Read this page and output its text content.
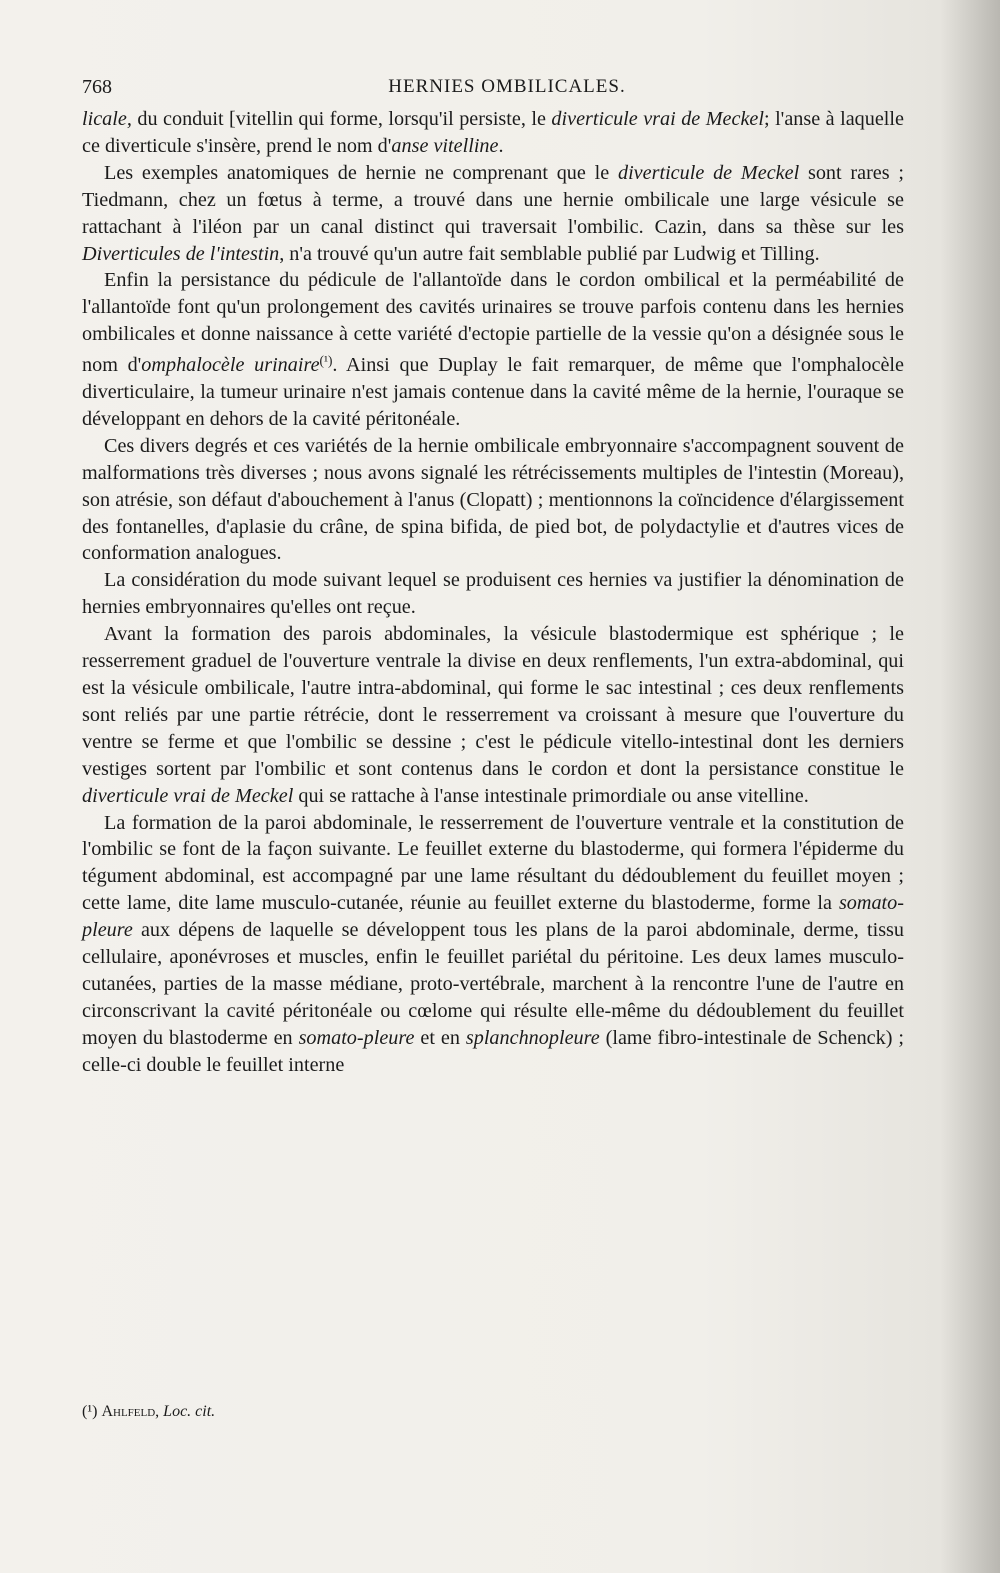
768	HERNIES OMBILICALES.

licale, du conduit [vitellin qui forme, lorsqu'il persiste, le diverticule vrai de Meckel; l'anse à laquelle ce diverticule s'insère, prend le nom d'anse vitelline.

Les exemples anatomiques de hernie ne comprenant que le diverticule de Meckel sont rares ; Tiedmann, chez un fœtus à terme, a trouvé dans une hernie ombilicale une large vésicule se rattachant à l'iléon par un canal distinct qui traversait l'ombilic. Cazin, dans sa thèse sur les Diverticules de l'intestin, n'a trouvé qu'un autre fait semblable publié par Ludwig et Tilling.

Enfin la persistance du pédicule de l'allantoïde dans le cordon ombilical et la perméabilité de l'allantoïde font qu'un prolongement des cavités urinaires se trouve parfois contenu dans les hernies ombilicales et donne naissance à cette variété d'ectopie partielle de la vessie qu'on a désignée sous le nom d'omphalocèle urinaire$^{(^1)}$. Ainsi que Duplay le fait remarquer, de même que l'omphalocèle diverticulaire, la tumeur urinaire n'est jamais contenue dans la cavité même de la hernie, l'ouraque se développant en dehors de la cavité péritonéale.

Ces divers degrés et ces variétés de la hernie ombilicale embryonnaire s'accompagnent souvent de malformations très diverses ; nous avons signalé les rétrécissements multiples de l'intestin (Moreau), son atrésie, son défaut d'abouchement à l'anus (Clopatt) ; mentionnons la coïncidence d'élargissement des fontanelles, d'aplasie du crâne, de spina bifida, de pied bot, de polydactylie et d'autres vices de conformation analogues.

La considération du mode suivant lequel se produisent ces hernies va justifier la dénomination de hernies embryonnaires qu'elles ont reçue.

Avant la formation des parois abdominales, la vésicule blastodermique est sphérique ; le resserrement graduel de l'ouverture ventrale la divise en deux renflements, l'un extra-abdominal, qui est la vésicule ombilicale, l'autre intra-abdominal, qui forme le sac intestinal ; ces deux renflements sont reliés par une partie rétrécie, dont le resserrement va croissant à mesure que l'ouverture du ventre se ferme et que l'ombilic se dessine ; c'est le pédicule vitello-intestinal dont les derniers vestiges sortent par l'ombilic et sont contenus dans le cordon et dont la persistance constitue le diverticule vrai de Meckel qui se rattache à l'anse intestinale primordiale ou anse vitelline.

La formation de la paroi abdominale, le resserrement de l'ouverture ventrale et la constitution de l'ombilic se font de la façon suivante. Le feuillet externe du blastoderme, qui formera l'épiderme du tégument abdominal, est accompagné par une lame résultant du dédoublement du feuillet moyen ; cette lame, dite lame musculo-cutanée, réunie au feuillet externe du blastoderme, forme la somato-pleure aux dépens de laquelle se développent tous les plans de la paroi abdominale, derme, tissu cellulaire, aponévroses et muscles, enfin le feuillet pariétal du péritoine. Les deux lames musculo-cutanées, parties de la masse médiane, proto-vertébrale, marchent à la rencontre l'une de l'autre en circonscrivant la cavité péritonéale ou cœlome qui résulte elle-même du dédoublement du feuillet moyen du blastoderme en somato-pleure et en splanchnopleure (lame fibro-intestinale de Schenck) ; celle-ci double le feuillet interne

(¹) Ahlfeld, Loc. cit.
